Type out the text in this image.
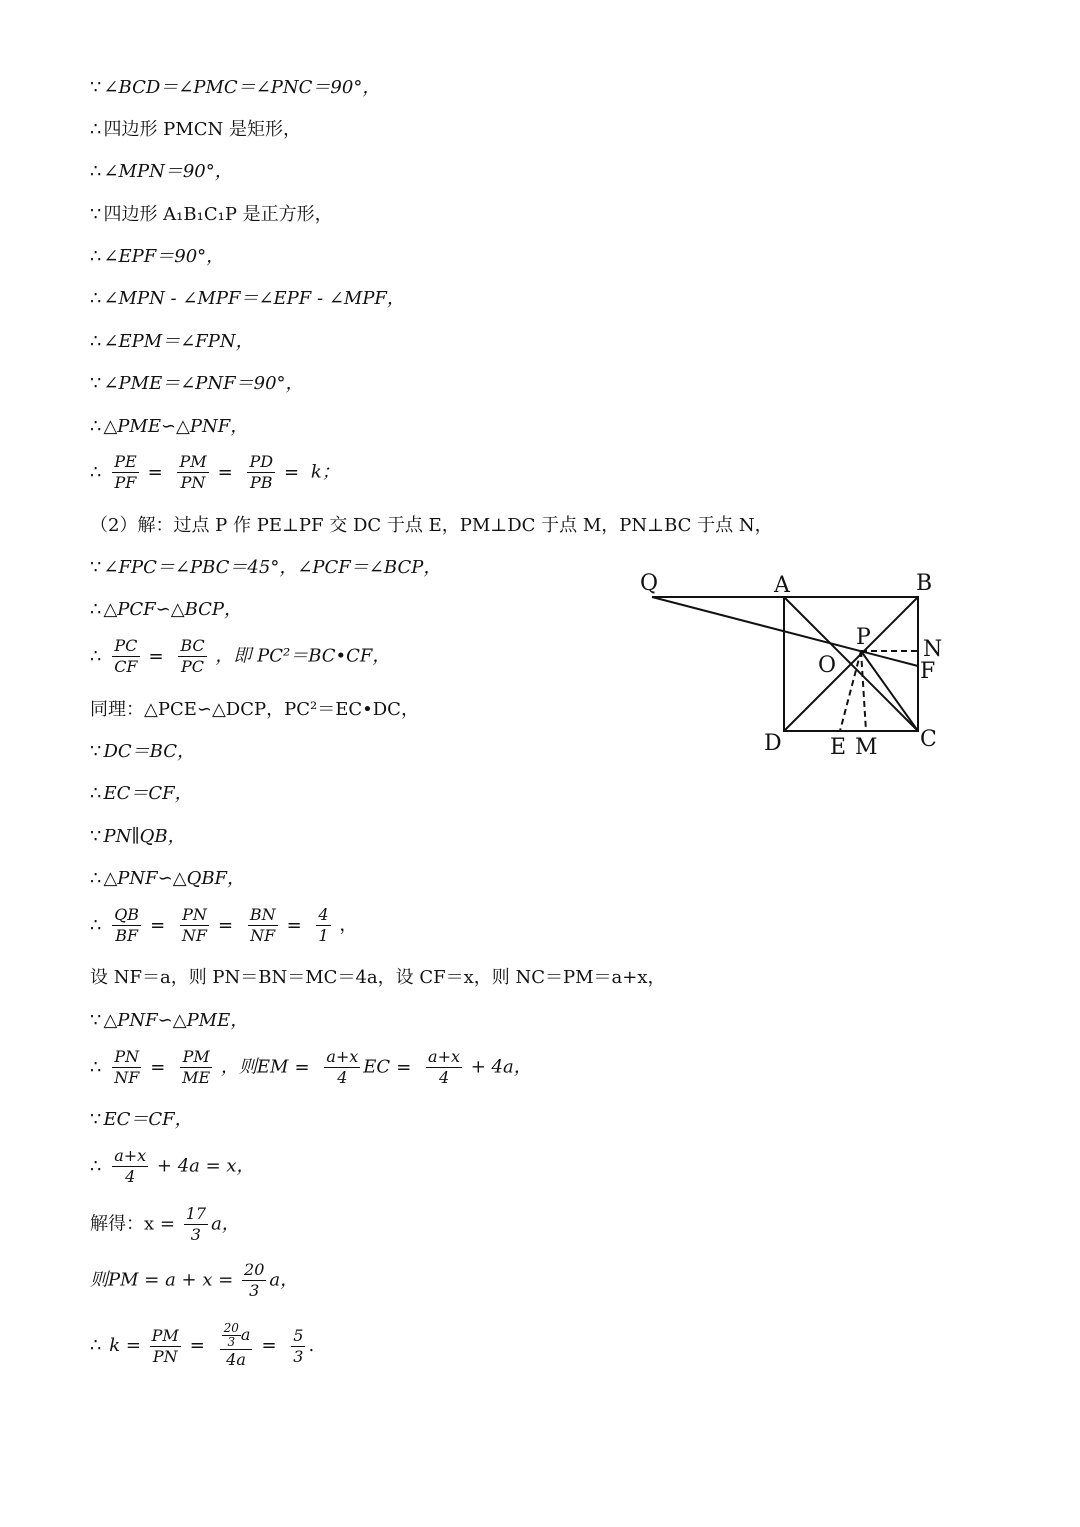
∵ ∠BCD＝∠PMC＝∠PNC＝90°，
∴ 四边形 PMCN 是矩形，
∴ ∠MPN＝90°，
∵ 四边形 A₁B₁C₁P 是正方形，
∴ ∠EPF＝90°，
∴ ∠MPN - ∠MPF＝∠EPF - ∠MPF，
∴ ∠EPM＝∠FPN，
∵ ∠PME＝∠PNF＝90°，
∴ △PME∽△PNF，
∴ $\frac{PE}{PF} = \frac{PM}{PN} = \frac{PD}{PB} = k$；
（2）解：过点 P 作 PE⊥PF 交 DC 于点 E，PM⊥DC 于点 M，PN⊥BC 于点 N，
∵ ∠FPC＝∠PBC＝45°，∠PCF＝∠BCP，
∴ △PCF∽△BCP，
∴ $\frac{PC}{CF} = \frac{BC}{PC}$ ，即 PC²＝BC•CF，
同理：△PCE∽△DCP，PC²＝EC•DC，
∵ DC＝BC，
∴ EC＝CF，
∵ PN∥QB，
∴ △PNF∽△QBF，
∴ $\frac{QB}{BF} = \frac{PN}{NF} = \frac{BN}{NF} = \frac{4}{1}$ ，
设 NF＝a，则 PN＝BN＝MC＝4a，设 CF＝x，则 NC＝PM＝a+x，
∵ △PNF∽△PME，
∴ $\frac{PN}{NF} = \frac{PM}{ME}$ ，则EM = $\frac{a+x}{4}$ EC = $\frac{a+x}{4} + 4a$，
∵ EC＝CF，
∴ $\frac{a+x}{4} + 4a = x$，
解得：$x = \frac{17}{3}$ a，
则PM = $a + x = \frac{20}{3}$ a，
∴ $k = \frac{PM}{PN} = \frac{\frac{20}{3} a}{4a} = \frac{5}{3}$ .
Q	A	B
P N
O	F
D E M C
